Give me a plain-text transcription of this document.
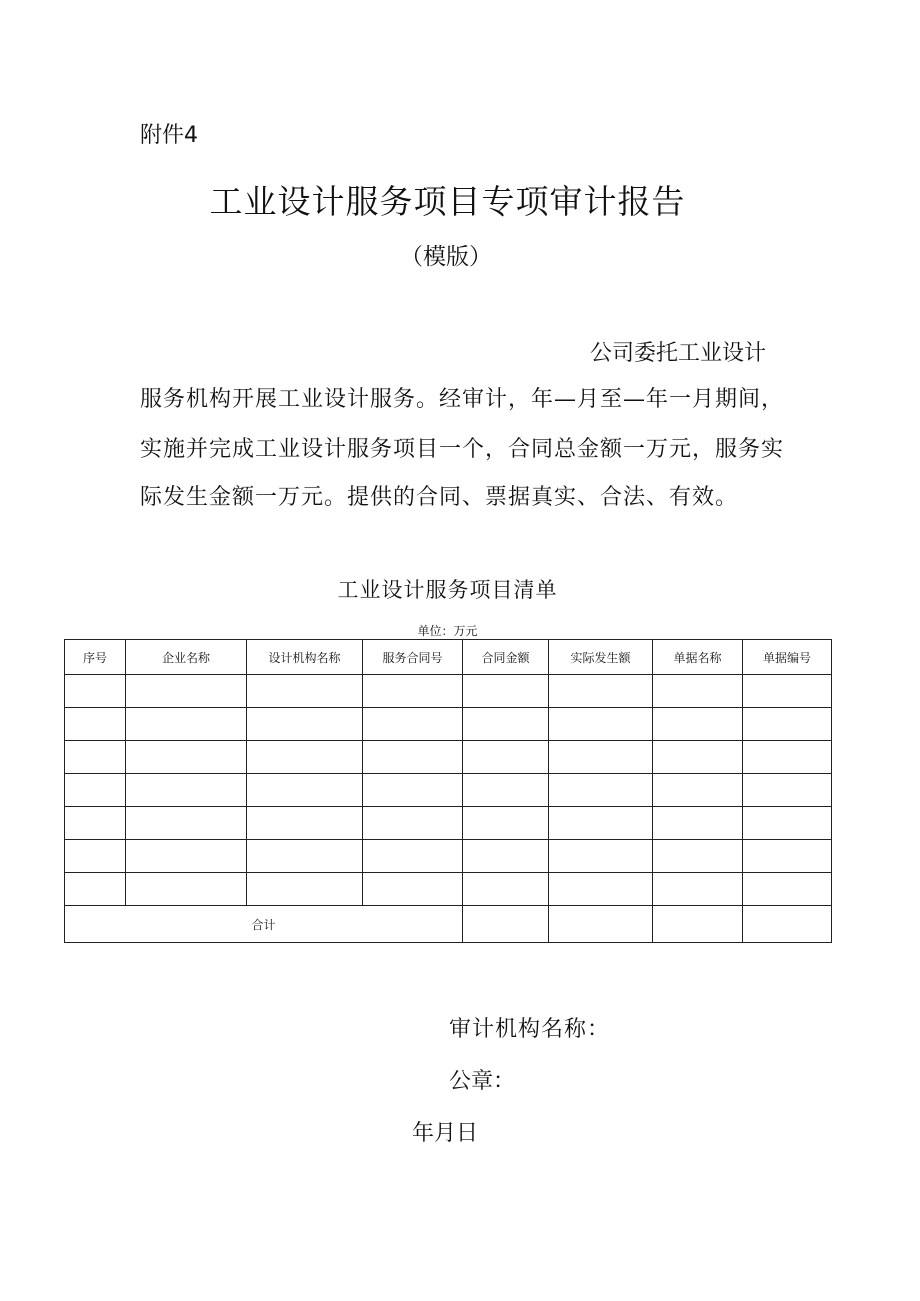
附件4
工业设计服务项目专项审计报告
（模版）
公司委托工业设计
服务机构开展工业设计服务。经审计，年—月至—年一月期间，
实施并完成工业设计服务项目一个，合同总金额一万元，服务实
际发生金额一万元。提供的合同、票据真实、合法、有效。
工业设计服务项目清单
单位：万元
序号	企业名称	设计机构名称	服务合同号	合同金额	实际发生额	单据名称	单据编号

合计							
审计机构名称：
公章：
年月日
